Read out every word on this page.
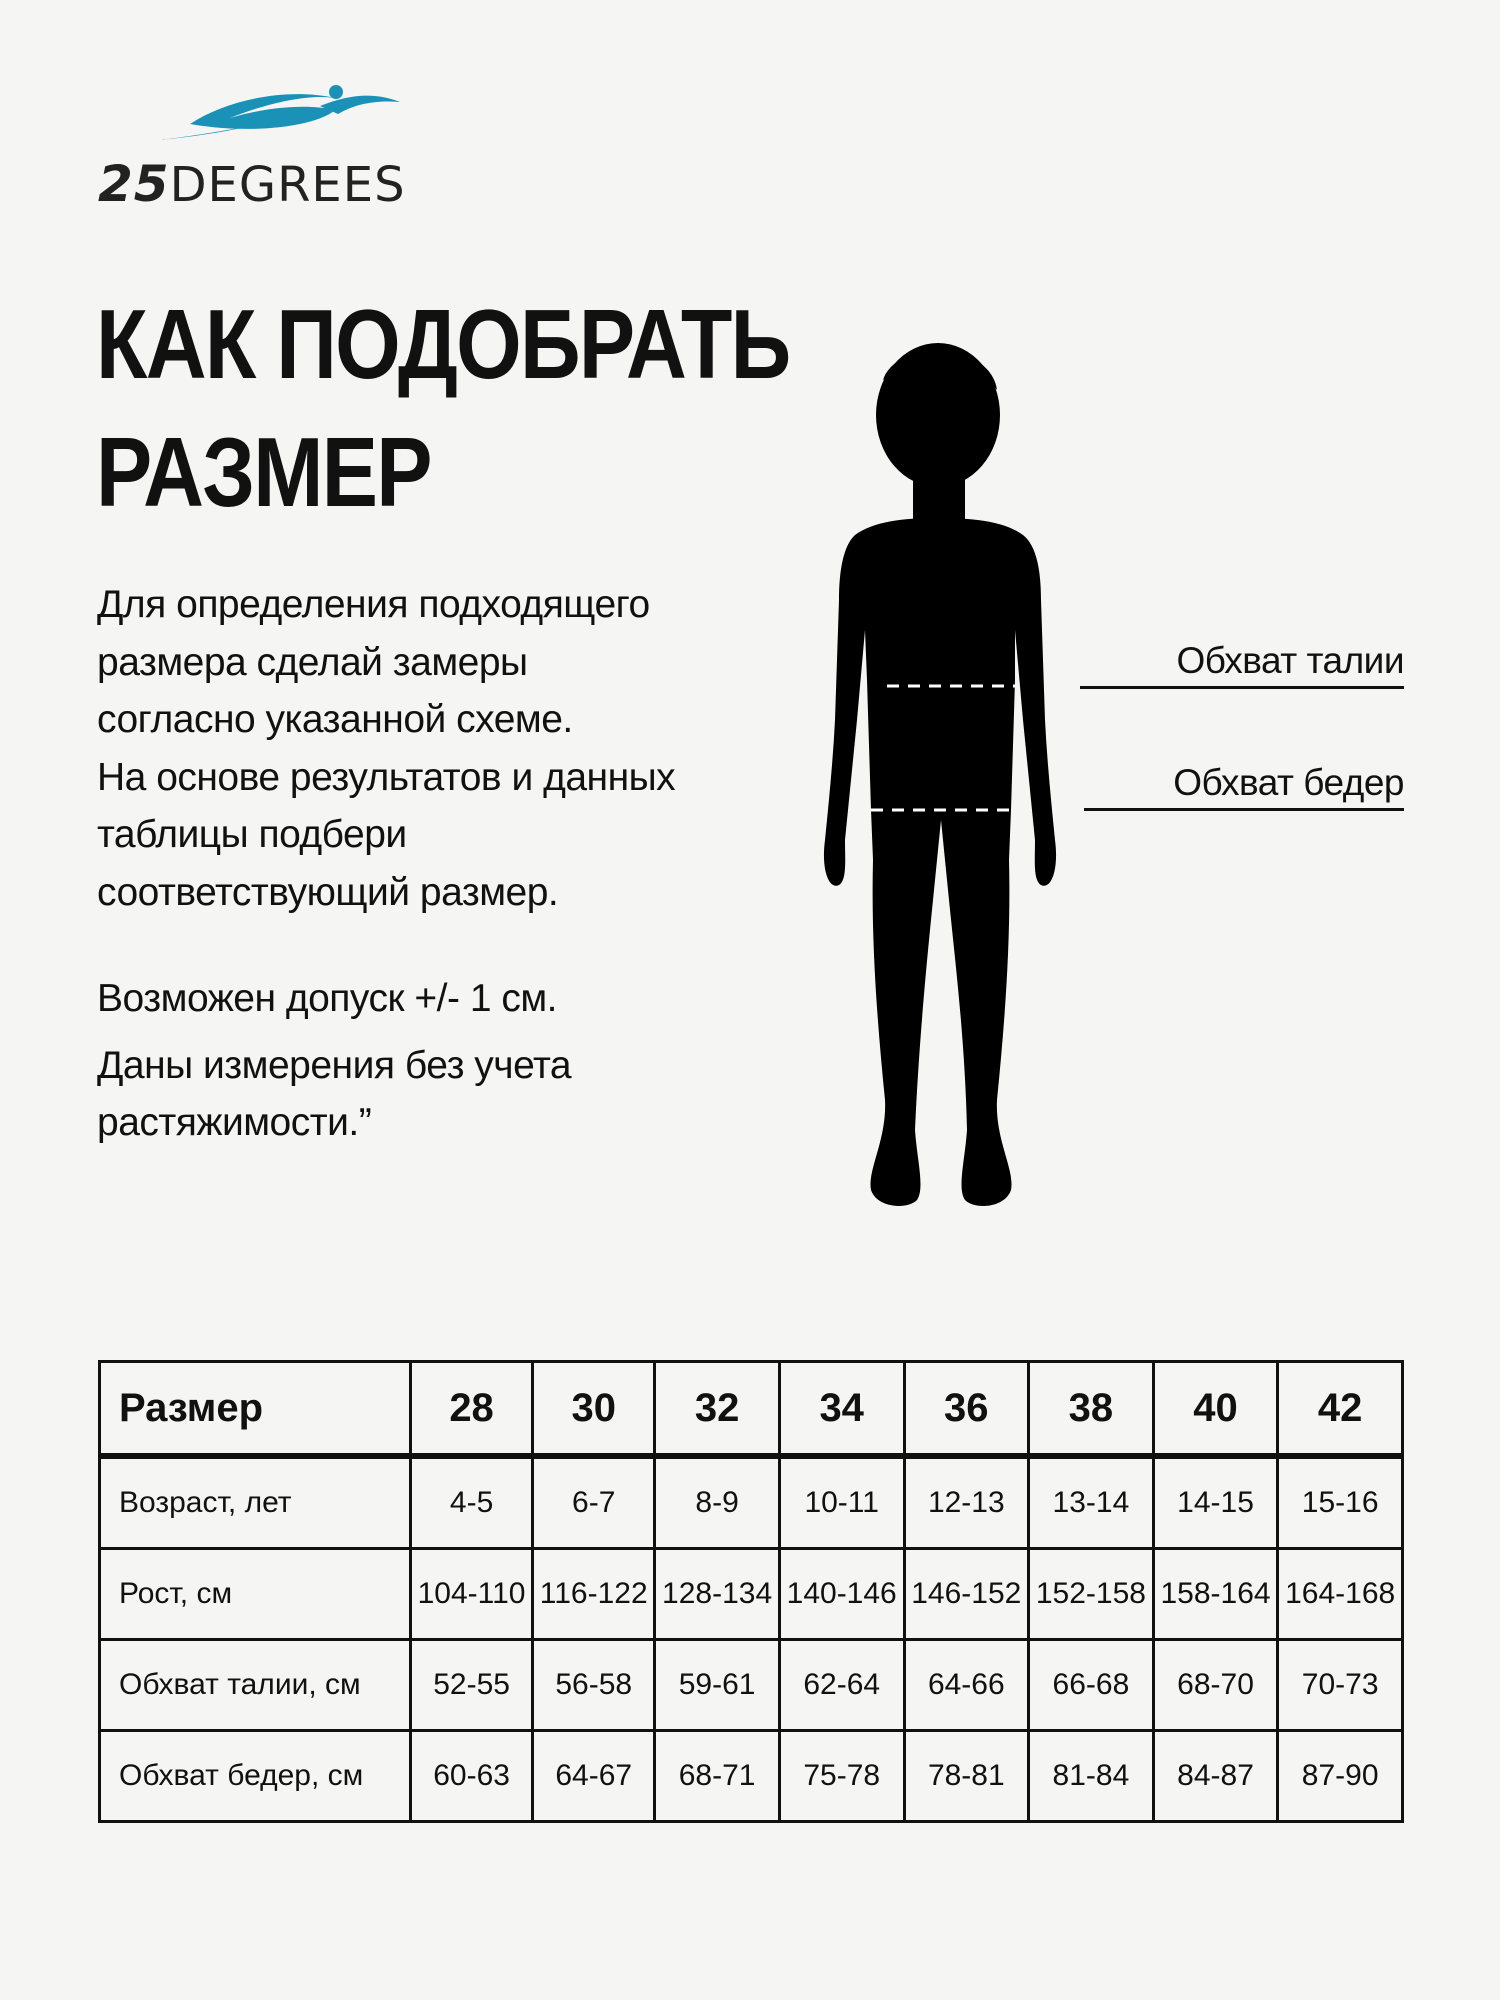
25DEGREES
КАК ПОДОБРАТЬ
РАЗМЕР

Для определения подходящего

размера сделай замеры

согласно указанной схеме.

На основе результатов и данных

таблицы подбери

соответствующий размер.

Возможен допуск +/- 1 см.

Даны измерения без учета растяжимости.”

Обхват талии
Обхват бедер
Размер	28	30	32	34	36	38	40	42
Возраст, лет	4-5	6-7	8-9	10-11	12-13	13-14	14-15	15-16
Рост, см	104-110	116-122	128-134	140-146	146-152	152-158	158-164	164-168
Обхват талии, см	52-55	56-58	59-61	62-64	64-66	66-68	68-70	70-73
Обхват бедер, см	60-63	64-67	68-71	75-78	78-81	81-84	84-87	87-90
